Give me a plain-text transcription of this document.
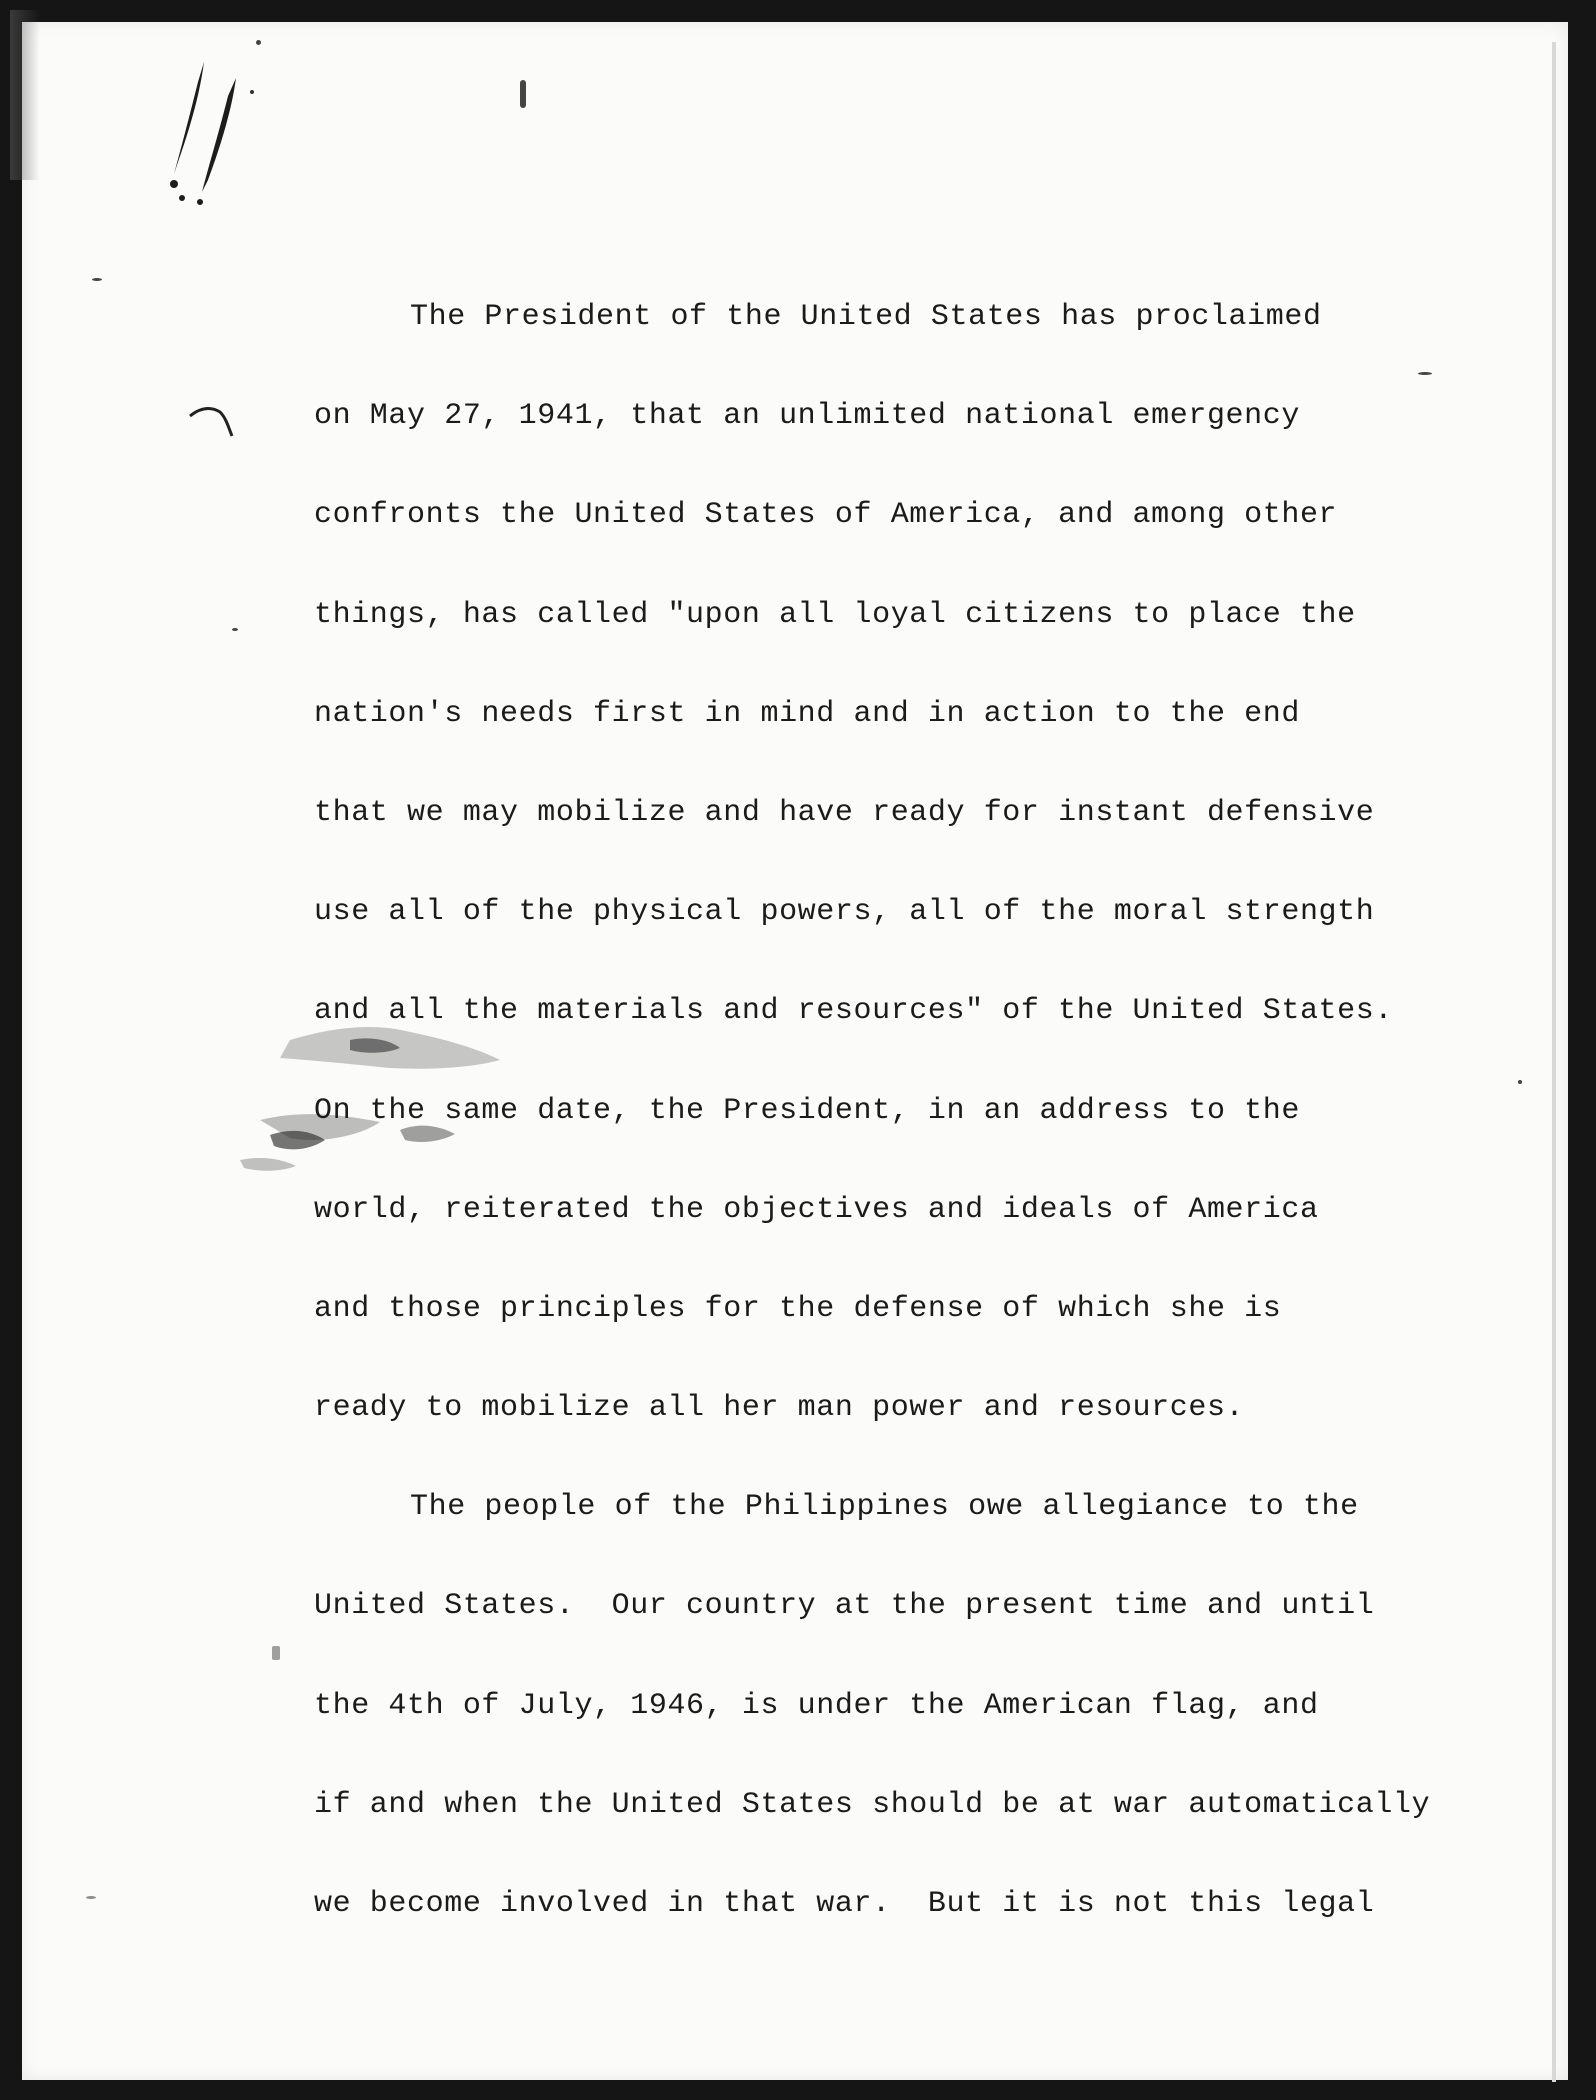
The President of the United States has proclaimed
on May 27, 1941, that an unlimited national emergency
confronts the United States of America, and among other
things, has called "upon all loyal citizens to place the
nation's needs first in mind and in action to the end
that we may mobilize and have ready for instant defensive
use all of the physical powers, all of the moral strength
and all the materials and resources" of the United States.
On the same date, the President, in an address to the
world, reiterated the objectives and ideals of America
and those principles for the defense of which she is
ready to mobilize all her man power and resources.
The people of the Philippines owe allegiance to the
United States.  Our country at the present time and until
the 4th of July, 1946, is under the American flag, and
if and when the United States should be at war automatically
we become involved in that war.  But it is not this legal
